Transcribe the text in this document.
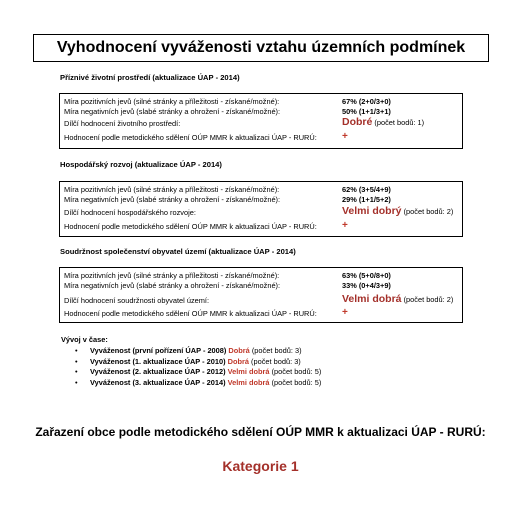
Vyhodnocení vyváženosti vztahu územních podmínek
Příznivé životní prostředí (aktualizace ÚAP - 2014)
Míra pozitivních jevů (silné stránky a příležitosti - získané/možné):	67% (2+0/3+0)
Míra negativních jevů (slabé stránky a ohrožení - získané/možné):	50% (1+1/3+1)
Dílčí hodnocení životního prostředí:	Dobré (počet bodů: 1)
Hodnocení podle metodického sdělení OÚP MMR k aktualizaci ÚAP - RURÚ:	+
Hospodářský rozvoj (aktualizace ÚAP - 2014)
Míra pozitivních jevů (silné stránky a příležitosti - získané/možné):	62% (3+5/4+9)
Míra negativních jevů (slabé stránky a ohrožení - získané/možné):	29% (1+1/5+2)
Dílčí hodnocení hospodářského rozvoje:	Velmi dobrý (počet bodů: 2)
Hodnocení podle metodického sdělení OÚP MMR k aktualizaci ÚAP - RURÚ:	+
Soudržnost společenství obyvatel území (aktualizace ÚAP - 2014)
Míra pozitivních jevů (silné stránky a příležitosti - získané/možné):	63% (5+0/8+0)
Míra negativních jevů (slabé stránky a ohrožení - získané/možné):	33% (0+4/3+9)
Dílčí hodnocení soudržnosti obyvatel území:	Velmi dobrá (počet bodů: 2)
Hodnocení podle metodického sdělení OÚP MMR k aktualizaci ÚAP - RURÚ:	+
Vývoj v čase:
• Vyváženost (první pořízení ÚAP - 2008) Dobrá (počet bodů: 3)
• Vyváženost (1. aktualizace ÚAP - 2010) Dobrá (počet bodů: 3)
• Vyváženost (2. aktualizace ÚAP - 2012) Velmi dobrá (počet bodů: 5)
• Vyváženost (3. aktualizace ÚAP - 2014) Velmi dobrá (počet bodů: 5)
Zařazení obce podle metodického sdělení OÚP MMR k aktualizaci ÚAP - RURÚ:
Kategorie 1
